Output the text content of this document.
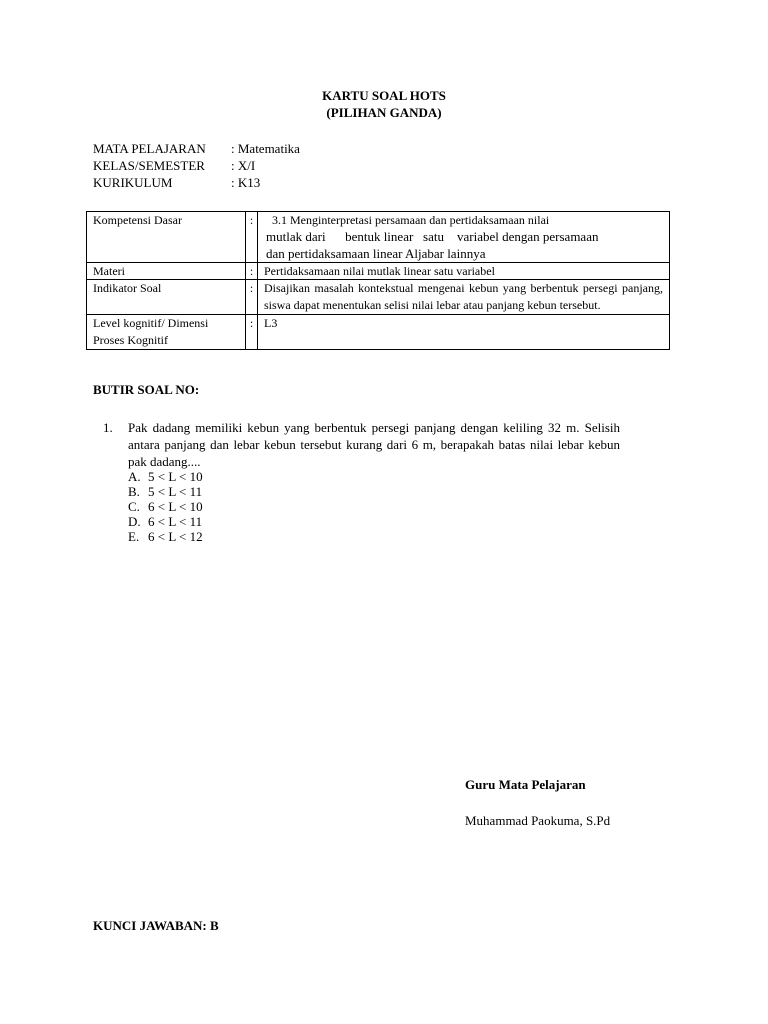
KARTU SOAL HOTS
(PILIHAN GANDA)
MATA PELAJARAN : Matematika
KELAS/SEMESTER : X/I
KURIKULUM	: K13
Kompetensi Dasar	:	3.1 Menginterpretasi persamaan dan pertidaksamaan nilai
mutlak dari      bentuk linear   satu    variabel dengan persamaan
dan pertidaksamaan linear Aljabar lainnya

Materi	:	Pertidaksamaan nilai mutlak linear satu variabel
Indikator Soal	:	Disajikan masalah kontekstual mengenai kebun yang berbentuk persegi panjang, siswa dapat menentukan selisi nilai lebar atau panjang kebun tersebut.
Level kognitif/ Dimensi Proses Kognitif	:	L3
BUTIR SOAL NO:
1. Pak dadang memiliki kebun yang berbentuk persegi panjang dengan keliling 32 m. Selisih antara panjang dan lebar kebun tersebut kurang dari 6 m, berapakah batas nilai lebar kebun pak dadang....
A. 5 < L < 10
B. 5 < L < 11
C. 6 < L < 10
D. 6 < L < 11
E. 6 < L < 12
Guru Mata Pelajaran
Muhammad Paokuma, S.Pd
KUNCI JAWABAN: B
